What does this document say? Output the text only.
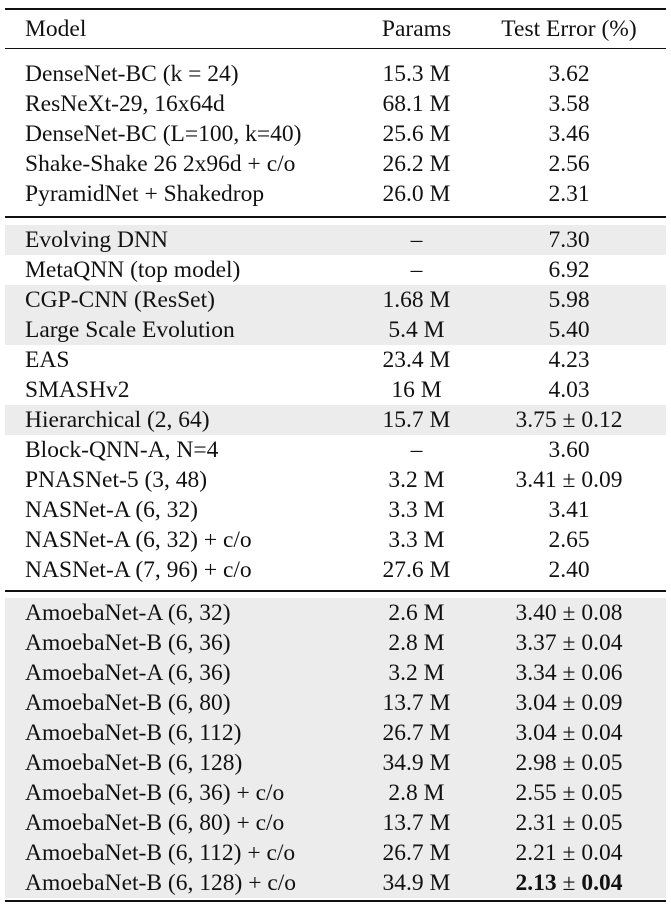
Model	Params	Test Error (%)
DenseNet-BC (k = 24)	15.3 M	3.62
ResNeXt-29, 16x64d	68.1 M	3.58
DenseNet-BC (L=100, k=40)	25.6 M	3.46
Shake-Shake 26 2x96d + c/o	26.2 M	2.56
PyramidNet + Shakedrop	26.0 M	2.31
Evolving DNN	–	7.30
MetaQNN (top model)	–	6.92
CGP-CNN (ResSet)	1.68 M	5.98
Large Scale Evolution	5.4 M	5.40
EAS	23.4 M	4.23
SMASHv2	16 M	4.03
Hierarchical (2, 64)	15.7 M	3.75 ± 0.12
Block-QNN-A, N=4	–	3.60
PNASNet-5 (3, 48)	3.2 M	3.41 ± 0.09
NASNet-A (6, 32)	3.3 M	3.41
NASNet-A (6, 32) + c/o	3.3 M	2.65
NASNet-A (7, 96) + c/o	27.6 M	2.40
AmoebaNet-A (6, 32)	2.6 M	3.40 ± 0.08
AmoebaNet-B (6, 36)	2.8 M	3.37 ± 0.04
AmoebaNet-A (6, 36)	3.2 M	3.34 ± 0.06
AmoebaNet-B (6, 80)	13.7 M	3.04 ± 0.09
AmoebaNet-B (6, 112)	26.7 M	3.04 ± 0.04
AmoebaNet-B (6, 128)	34.9 M	2.98 ± 0.05
AmoebaNet-B (6, 36) + c/o	2.8 M	2.55 ± 0.05
AmoebaNet-B (6, 80) + c/o	13.7 M	2.31 ± 0.05
AmoebaNet-B (6, 112) + c/o	26.7 M	2.21 ± 0.04
AmoebaNet-B (6, 128) + c/o	34.9 M	2.13 ± 0.04
